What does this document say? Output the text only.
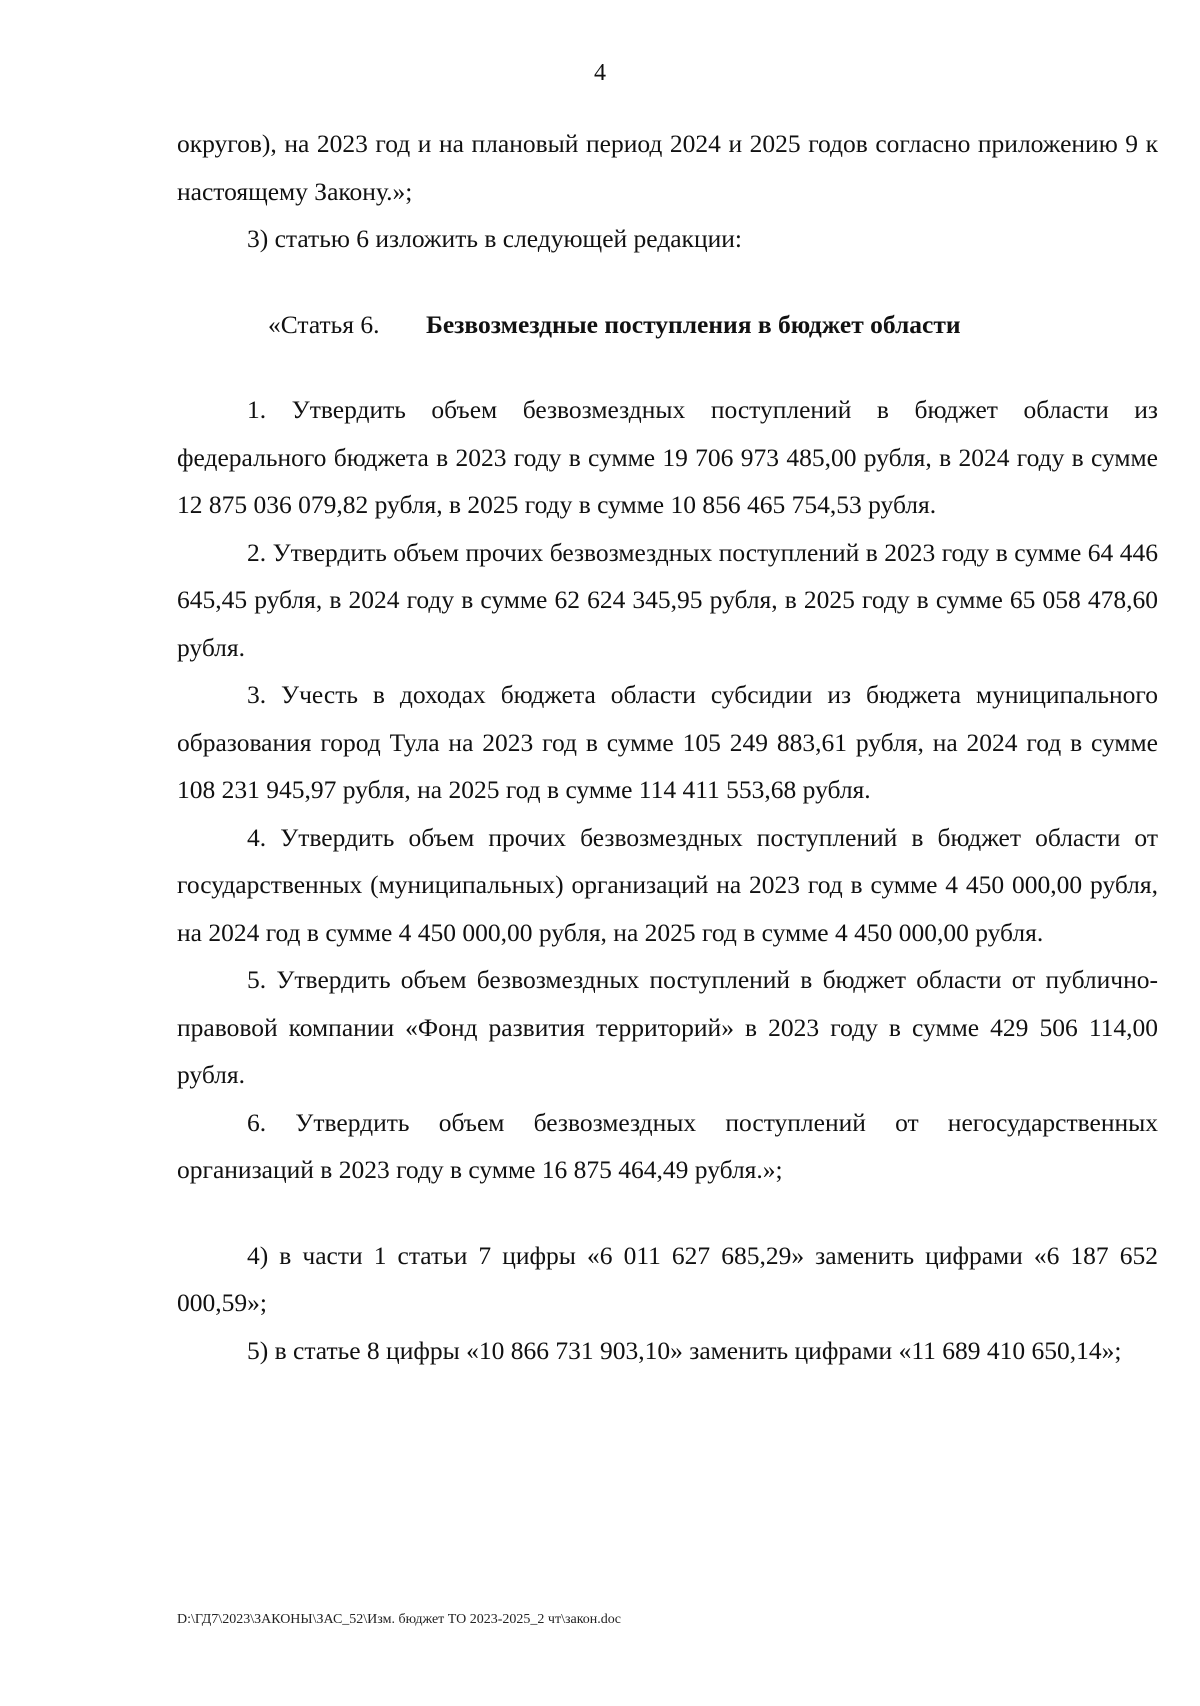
4

округов), на 2023 год и на плановый период 2024 и 2025 годов согласно приложению 9 к настоящему Закону.»;

3) статью 6 изложить в следующей редакции:

«Статья 6. Безвозмездные поступления в бюджет области

1. Утвердить объем безвозмездных поступлений в бюджет области из федерального бюджета в 2023 году в сумме 19 706 973 485,00 рубля, в 2024 году в сумме 12 875 036 079,82 рубля, в 2025 году в сумме 10 856 465 754,53 рубля.

2. Утвердить объем прочих безвозмездных поступлений в 2023 году в сумме 64 446 645,45 рубля, в 2024 году в сумме 62 624 345,95 рубля, в 2025 году в сумме 65 058 478,60 рубля.

3. Учесть в доходах бюджета области субсидии из бюджета муниципального образования город Тула на 2023 год в сумме 105 249 883,61 рубля, на 2024 год в сумме 108 231 945,97 рубля, на 2025 год в сумме 114 411 553,68 рубля.

4. Утвердить объем прочих безвозмездных поступлений в бюджет области от государственных (муниципальных) организаций на 2023 год в сумме 4 450 000,00 рубля, на 2024 год в сумме 4 450 000,00 рубля, на 2025 год в сумме 4 450 000,00 рубля.

5. Утвердить объем безвозмездных поступлений в бюджет области от публично-правовой компании «Фонд развития территорий» в 2023 году в сумме 429 506 114,00 рубля.

6. Утвердить объем безвозмездных поступлений от негосударственных организаций в 2023 году в сумме 16 875 464,49 рубля.»;

4) в части 1 статьи 7 цифры «6 011 627 685,29» заменить цифрами «6 187 652 000,59»;

5) в статье 8 цифры «10 866 731 903,10» заменить цифрами «11 689 410 650,14»;

D:\ГД7\2023\ЗАКОНЫ\ЗАС_52\Изм. бюджет ТО 2023-2025_2 чт\закон.doc
